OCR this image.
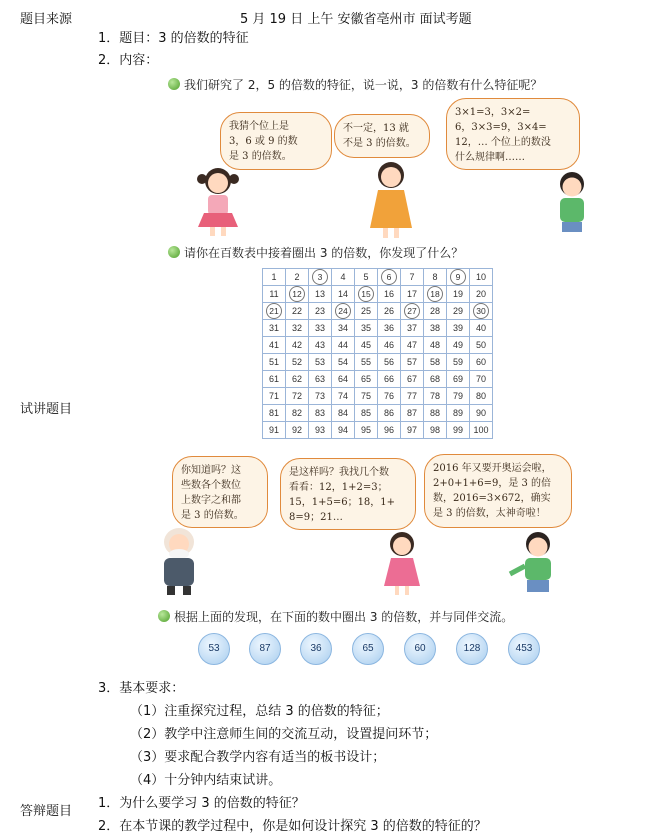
题目来源
试讲题目
答辩题目
5 月 19 日 上午 安徽省亳州市 面试考题
1．题目：3 的倍数的特征
2．内容：
我们研究了 2，5 的倍数的特征，说一说，3 的倍数有什么特征呢？
我猜个位上是
3，6 或 9 的数
是 3 的倍数。
不一定，13 就
不是 3 的倍数。
3×1=3，3×2=
6，3×3=9，3×4=
12，… 个位上的数没
什么规律啊……
请你在百数表中接着圈出 3 的倍数，你发现了什么？
1	2	3	4	5	6	7	8	9	10
11	12	13	14	15	16	17	18	19	20
21	22	23	24	25	26	27	28	29	30
31	32	33	34	35	36	37	38	39	40
41	42	43	44	45	46	47	48	49	50
51	52	53	54	55	56	57	58	59	60
61	62	63	64	65	66	67	68	69	70
71	72	73	74	75	76	77	78	79	80
81	82	83	84	85	86	87	88	89	90
91	92	93	94	95	96	97	98	99	100
你知道吗？这
些数各个数位
上数字之和都
是 3 的倍数。
是这样吗？我找几个数
看看：12，1+2=3；
15，1+5=6；18，1+
8=9；21…
2016 年又要开奥运会啦，
2+0+1+6=9，是 3 的倍
数，2016=3×672，确实
是 3 的倍数，太神奇啦！
根据上面的发现，在下面的数中圈出 3 的倍数，并与同伴交流。
53	87	36	65	60	128	453
3．基本要求：
（1）注重探究过程，总结 3 的倍数的特征；
（2）教学中注意师生间的交流互动，设置提问环节；
（3）要求配合教学内容有适当的板书设计；
（4）十分钟内结束试讲。
1．为什么要学习 3 的倍数的特征？
2．在本节课的教学过程中，你是如何设计探究 3 的倍数的特征的？
